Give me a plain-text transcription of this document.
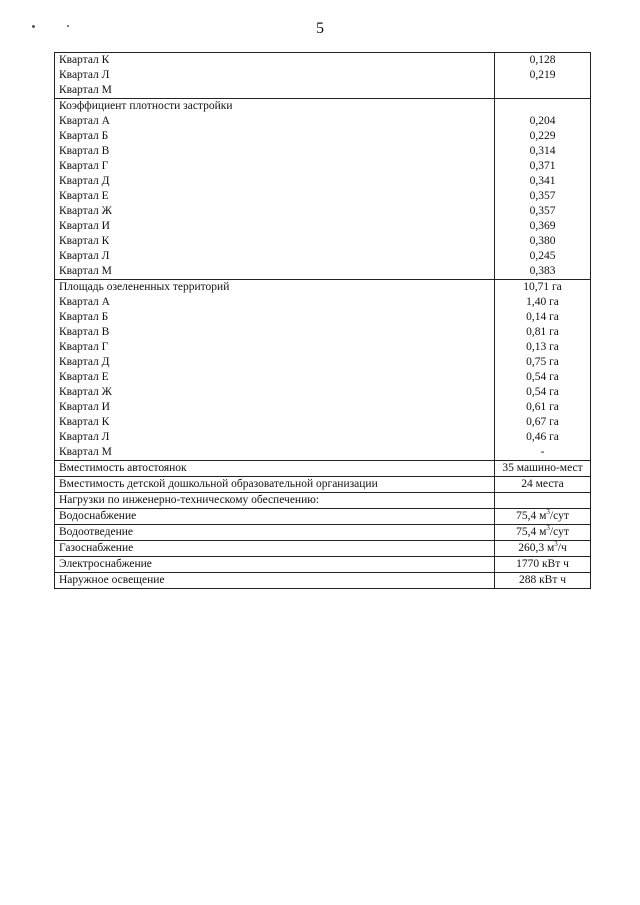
5
Квартал К	0,128
Квартал Л	0,219
Квартал М	
Коэффициент плотности застройки	
Квартал А	0,204
Квартал Б	0,229
Квартал В	0,314
Квартал Г	0,371
Квартал Д	0,341
Квартал Е	0,357
Квартал Ж	0,357
Квартал И	0,369
Квартал К	0,380
Квартал Л	0,245
Квартал М	0,383
Площадь озелененных территорий	10,71 га
Квартал А	1,40 га
Квартал Б	0,14 га
Квартал В	0,81 га
Квартал Г	0,13 га
Квартал Д	0,75 га
Квартал Е	0,54 га
Квартал Ж	0,54 га
Квартал И	0,61 га
Квартал К	0,67 га
Квартал Л	0,46 га
Квартал М	-
Вместимость автостоянок	35 машино-мест
Вместимость детской дошкольной образовательной организации	24 места
Нагрузки по инженерно-техническому обеспечению:	
Водоснабжение	75,4 $м^3$/сут
Водоотведение	75,4 $м^3$/сут
Газоснабжение	260,3 $м^3/ч$
Электроснабжение	1770 кВт ч
Наружное освещение	288 кВт ч
